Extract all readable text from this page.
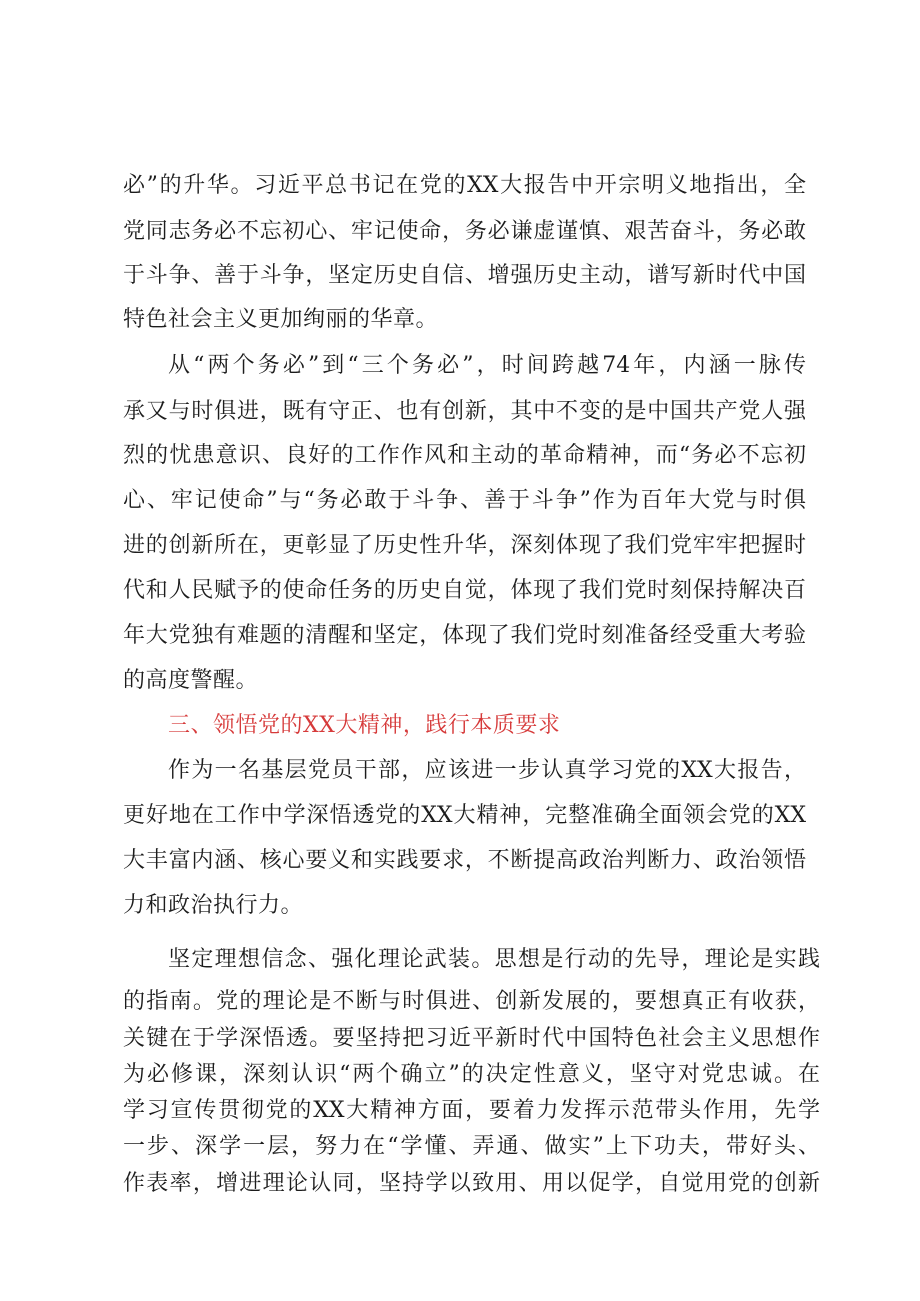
必”的升华。习近平总书记在党的XX大报告中开宗明义地指出，全
党同志务必不忘初心、牢记使命，务必谦虚谨慎、艰苦奋斗，务必敢
于斗争、善于斗争，坚定历史自信、增强历史主动，谱写新时代中国
特色社会主义更加绚丽的华章。
从“两个务必”到“三个务必”，时间跨越74年，内涵一脉传
承又与时俱进，既有守正、也有创新，其中不变的是中国共产党人强
烈的忧患意识、良好的工作作风和主动的革命精神，而“务必不忘初
心、牢记使命”与“务必敢于斗争、善于斗争”作为百年大党与时俱
进的创新所在，更彰显了历史性升华，深刻体现了我们党牢牢把握时
代和人民赋予的使命任务的历史自觉，体现了我们党时刻保持解决百
年大党独有难题的清醒和坚定，体现了我们党时刻准备经受重大考验
的高度警醒。
三、领悟党的XX大精神，践行本质要求
作为一名基层党员干部，应该进一步认真学习党的XX大报告，
更好地在工作中学深悟透党的XX大精神，完整准确全面领会党的XX
大丰富内涵、核心要义和实践要求，不断提高政治判断力、政治领悟
力和政治执行力。
坚定理想信念、强化理论武装。思想是行动的先导，理论是实践
的指南。党的理论是不断与时俱进、创新发展的，要想真正有收获，
关键在于学深悟透。要坚持把习近平新时代中国特色社会主义思想作
为必修课，深刻认识“两个确立”的决定性意义，坚守对党忠诚。在
学习宣传贯彻党的XX大精神方面，要着力发挥示范带头作用，先学
一步、深学一层，努力在“学懂、弄通、做实”上下功夫，带好头、
作表率，增进理论认同，坚持学以致用、用以促学，自觉用党的创新
